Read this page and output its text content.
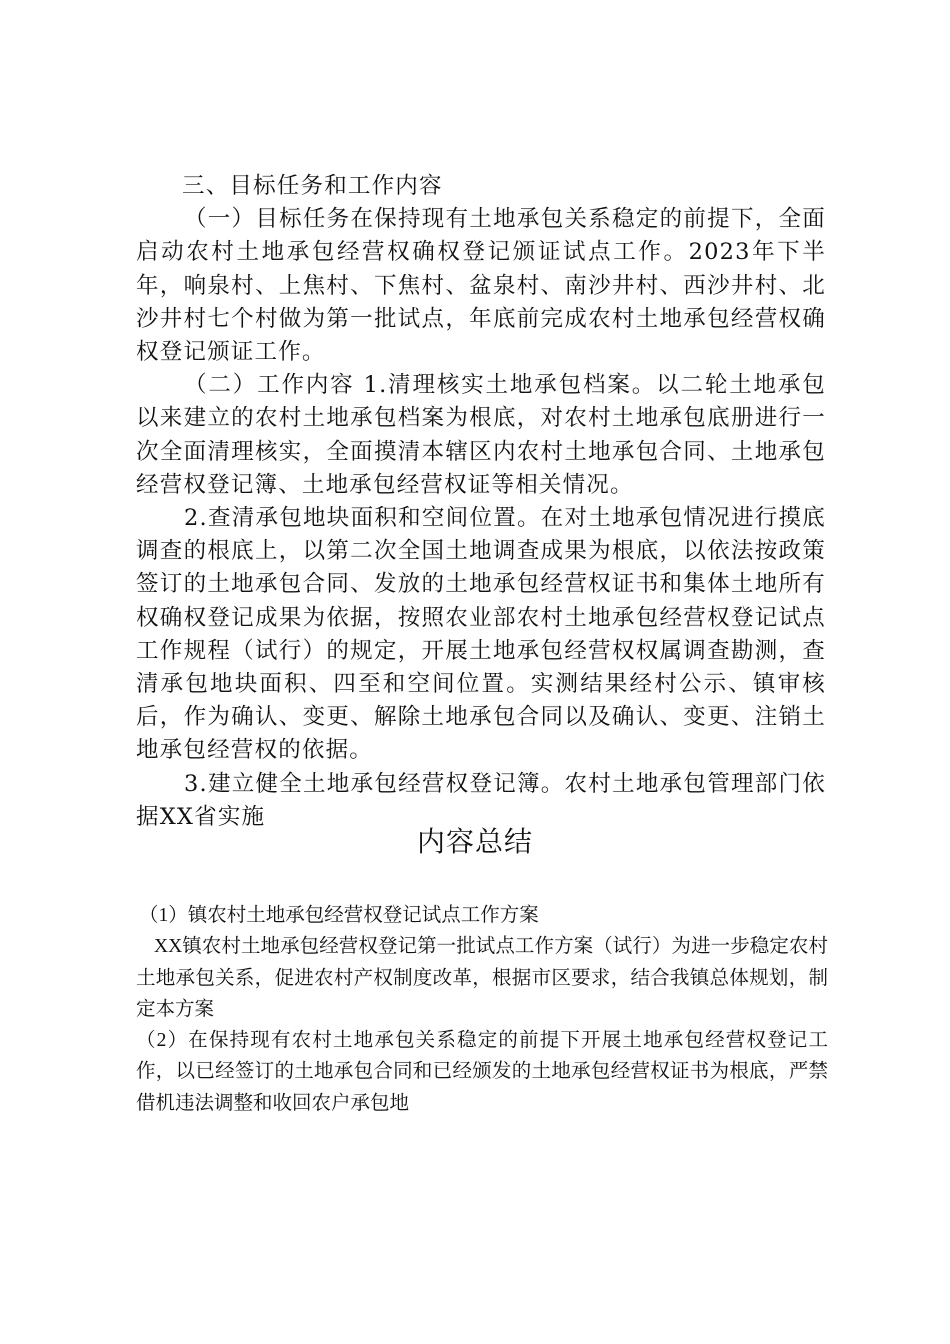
三、目标任务和工作内容

（一）目标任务在保持现有土地承包关系稳定的前提下，全面启动农村土地承包经营权确权登记颁证试点工作。2023年下半年，响泉村、上焦村、下焦村、盆泉村、南沙井村、西沙井村、北沙井村七个村做为第一批试点，年底前完成农村土地承包经营权确权登记颁证工作。

（二）工作内容 1.清理核实土地承包档案。以二轮土地承包以来建立的农村土地承包档案为根底，对农村土地承包底册进行一次全面清理核实，全面摸清本辖区内农村土地承包合同、土地承包经营权登记簿、土地承包经营权证等相关情况。

2.查清承包地块面积和空间位置。在对土地承包情况进行摸底调查的根底上，以第二次全国土地调查成果为根底，以依法按政策签订的土地承包合同、发放的土地承包经营权证书和集体土地所有权确权登记成果为依据，按照农业部农村土地承包经营权登记试点工作规程（试行）的规定，开展土地承包经营权权属调查勘测，查清承包地块面积、四至和空间位置。实测结果经村公示、镇审核后，作为确认、变更、解除土地承包合同以及确认、变更、注销土地承包经营权的依据。

3.建立健全土地承包经营权登记簿。农村土地承包管理部门依据XX省实施

内容总结

（1）镇农村土地承包经营权登记试点工作方案

XX镇农村土地承包经营权登记第一批试点工作方案（试行）为进一步稳定农村土地承包关系，促进农村产权制度改革，根据市区要求，结合我镇总体规划，制定本方案

（2）在保持现有农村土地承包关系稳定的前提下开展土地承包经营权登记工作，以已经签订的土地承包合同和已经颁发的土地承包经营权证书为根底，严禁借机违法调整和收回农户承包地
